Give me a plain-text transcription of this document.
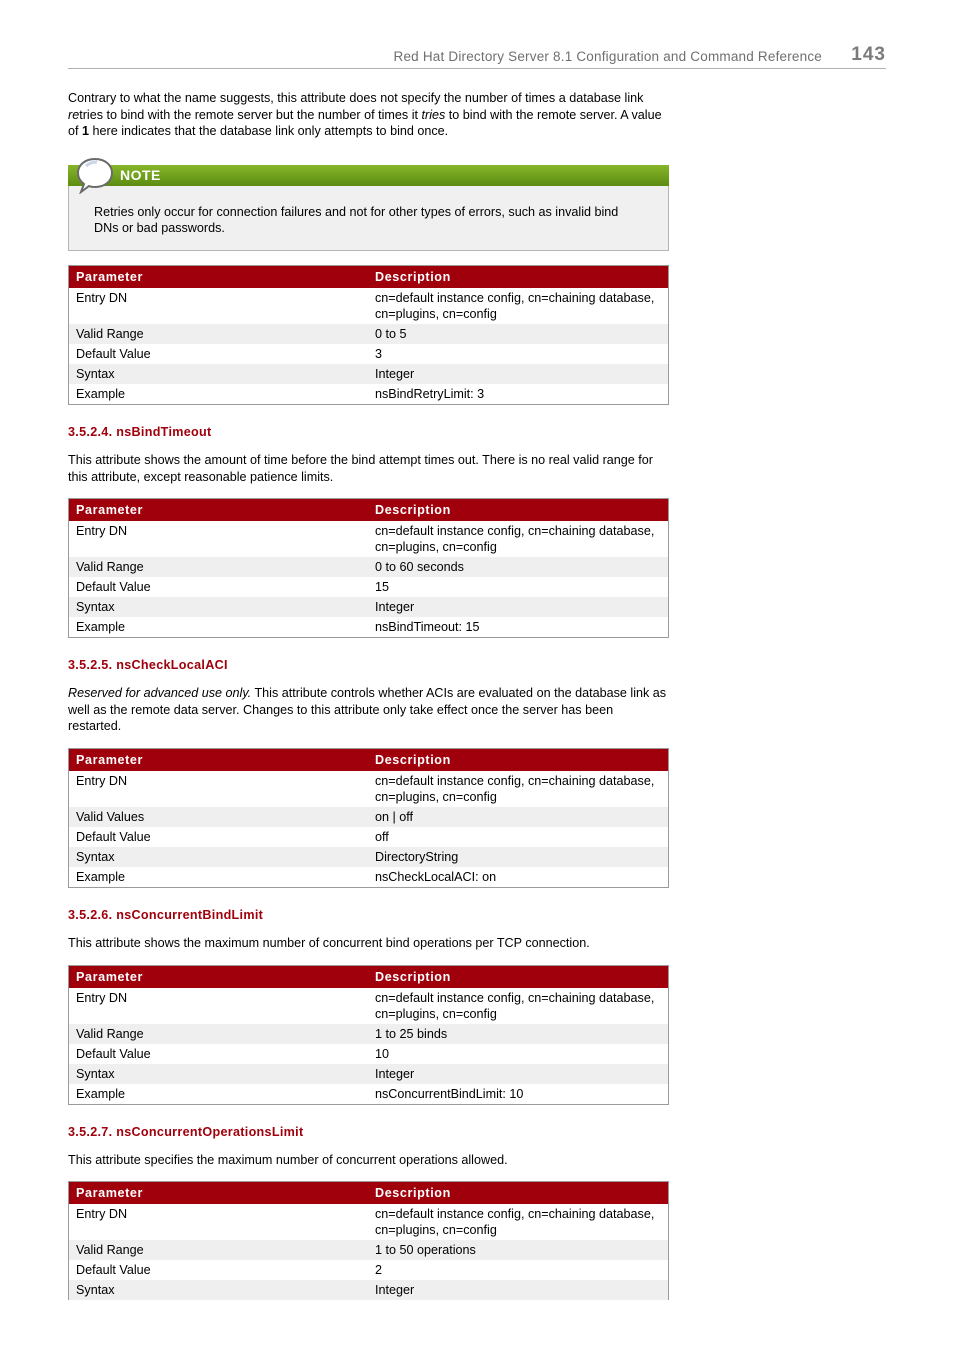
Red Hat Directory Server 8.1 Configuration and Command Reference 143

Contrary to what the name suggests, this attribute does not specify the number of times a database link retries to bind with the remote server but the number of times it tries to bind with the remote server. A value of 1 here indicates that the database link only attempts to bind once.

NOTE
Retries only occur for connection failures and not for other types of errors, such as invalid bind DNs or bad passwords.
Parameter	Description
Entry DN	cn=default instance config, cn=chaining database, cn=plugins, cn=config
Valid Range	0 to 5
Default Value	3
Syntax	Integer
Example	nsBindRetryLimit: 3
3.5.2.4. nsBindTimeout

This attribute shows the amount of time before the bind attempt times out. There is no real valid range for this attribute, except reasonable patience limits.

Parameter	Description
Entry DN	cn=default instance config, cn=chaining database, cn=plugins, cn=config
Valid Range	0 to 60 seconds
Default Value	15
Syntax	Integer
Example	nsBindTimeout: 15
3.5.2.5. nsCheckLocalACI

Reserved for advanced use only. This attribute controls whether ACIs are evaluated on the database link as well as the remote data server. Changes to this attribute only take effect once the server has been restarted.

Parameter	Description
Entry DN	cn=default instance config, cn=chaining database, cn=plugins, cn=config
Valid Values	on | off
Default Value	off
Syntax	DirectoryString
Example	nsCheckLocalACI: on
3.5.2.6. nsConcurrentBindLimit

This attribute shows the maximum number of concurrent bind operations per TCP connection.

Parameter	Description
Entry DN	cn=default instance config, cn=chaining database, cn=plugins, cn=config
Valid Range	1 to 25 binds
Default Value	10
Syntax	Integer
Example	nsConcurrentBindLimit: 10
3.5.2.7. nsConcurrentOperationsLimit

This attribute specifies the maximum number of concurrent operations allowed.

Parameter	Description
Entry DN	cn=default instance config, cn=chaining database, cn=plugins, cn=config
Valid Range	1 to 50 operations
Default Value	2
Syntax	Integer
